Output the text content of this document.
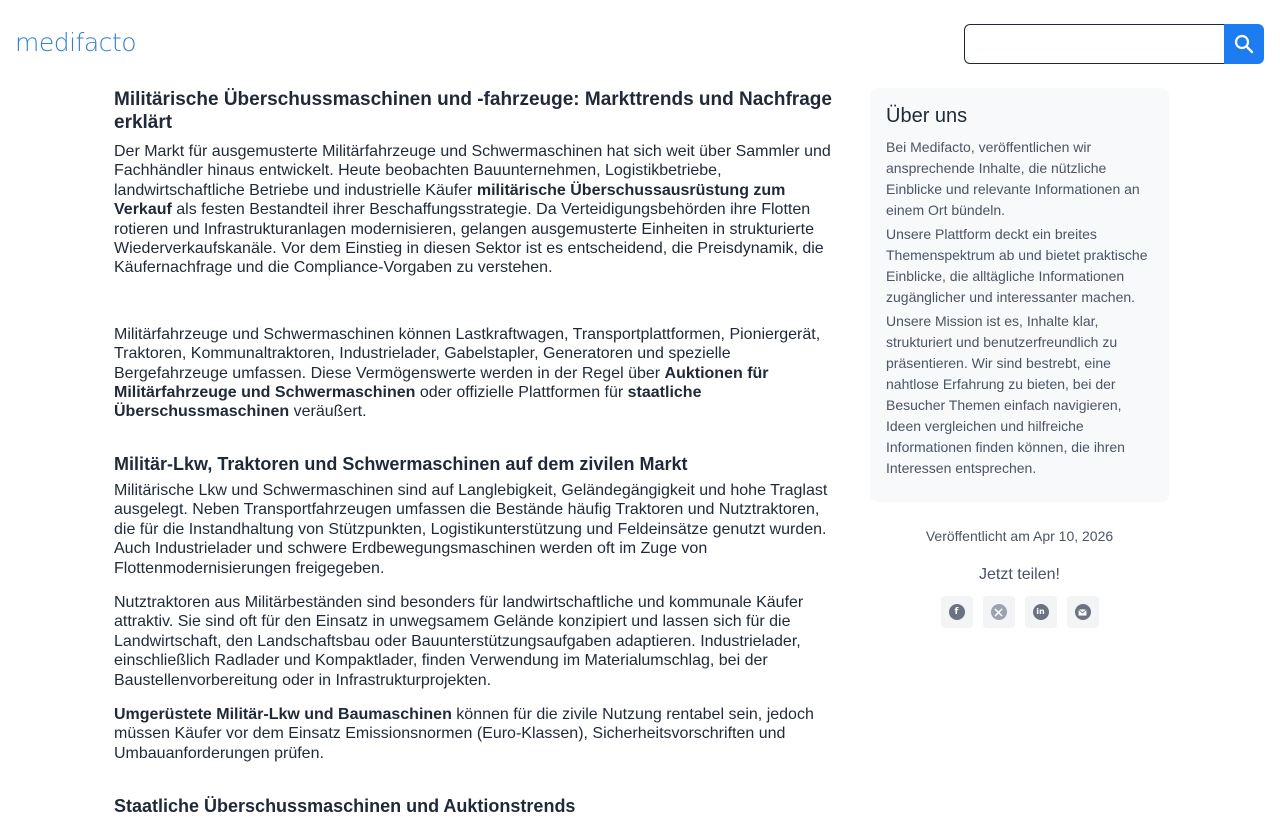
medifacto
Militärische Überschussmaschinen und -fahrzeuge: Markttrends und Nachfrage erklärt

Der Markt für ausgemusterte Militärfahrzeuge und Schwermaschinen hat sich weit über Sammler und Fachhändler hinaus entwickelt. Heute beobachten Bauunternehmen, Logistikbetriebe, landwirtschaftliche Betriebe und industrielle Käufer militärische Überschussausrüstung zum Verkauf als festen Bestandteil ihrer Beschaffungsstrategie. Da Verteidigungsbehörden ihre Flotten rotieren und Infrastrukturanlagen modernisieren, gelangen ausgemusterte Einheiten in strukturierte Wiederverkaufskanäle. Vor dem Einstieg in diesen Sektor ist es entscheidend, die Preisdynamik, die Käufernachfrage und die Compliance-Vorgaben zu verstehen.

Militärfahrzeuge und Schwermaschinen können Lastkraftwagen, Transportplattformen, Pioniergerät, Traktoren, Kommunaltraktoren, Industrielader, Gabelstapler, Generatoren und spezielle Bergefahrzeuge umfassen. Diese Vermögenswerte werden in der Regel über Auktionen für Militärfahrzeuge und Schwermaschinen oder offizielle Plattformen für staatliche Überschussmaschinen veräußert.

Militär-Lkw, Traktoren und Schwermaschinen auf dem zivilen Markt

Militärische Lkw und Schwermaschinen sind auf Langlebigkeit, Geländegängigkeit und hohe Traglast ausgelegt. Neben Transportfahrzeugen umfassen die Bestände häufig Traktoren und Nutztraktoren, die für die Instandhaltung von Stützpunkten, Logistikunterstützung und Feldeinsätze genutzt wurden. Auch Industrielader und schwere Erdbewegungsmaschinen werden oft im Zuge von Flottenmodernisierungen freigegeben.

Nutztraktoren aus Militärbeständen sind besonders für landwirtschaftliche und kommunale Käufer attraktiv. Sie sind oft für den Einsatz in unwegsamem Gelände konzipiert und lassen sich für die Landwirtschaft, den Landschaftsbau oder Bauunterstützungsaufgaben adaptieren. Industrielader, einschließlich Radlader und Kompaktlader, finden Verwendung im Materialumschlag, bei der Baustellenvorbereitung oder in Infrastrukturprojekten.

Umgerüstete Militär-Lkw und Baumaschinen können für die zivile Nutzung rentabel sein, jedoch müssen Käufer vor dem Einsatz Emissionsnormen (Euro-Klassen), Sicherheitsvorschriften und Umbauanforderungen prüfen.

Staatliche Überschussmaschinen und Auktionstrends
Über uns

Bei Medifacto, veröffentlichen wir ansprechende Inhalte, die nützliche Einblicke und relevante Informationen an einem Ort bündeln.

Unsere Plattform deckt ein breites Themenspektrum ab und bietet praktische Einblicke, die alltägliche Informationen zugänglicher und interessanter machen.

Unsere Mission ist es, Inhalte klar, strukturiert und benutzerfreundlich zu präsentieren. Wir sind bestrebt, eine nahtlose Erfahrung zu bieten, bei der Besucher Themen einfach navigieren, Ideen vergleichen und hilfreiche Informationen finden können, die ihren Interessen entsprechen.

Veröffentlicht am Apr 10, 2026
Jetzt teilen!
f	in
